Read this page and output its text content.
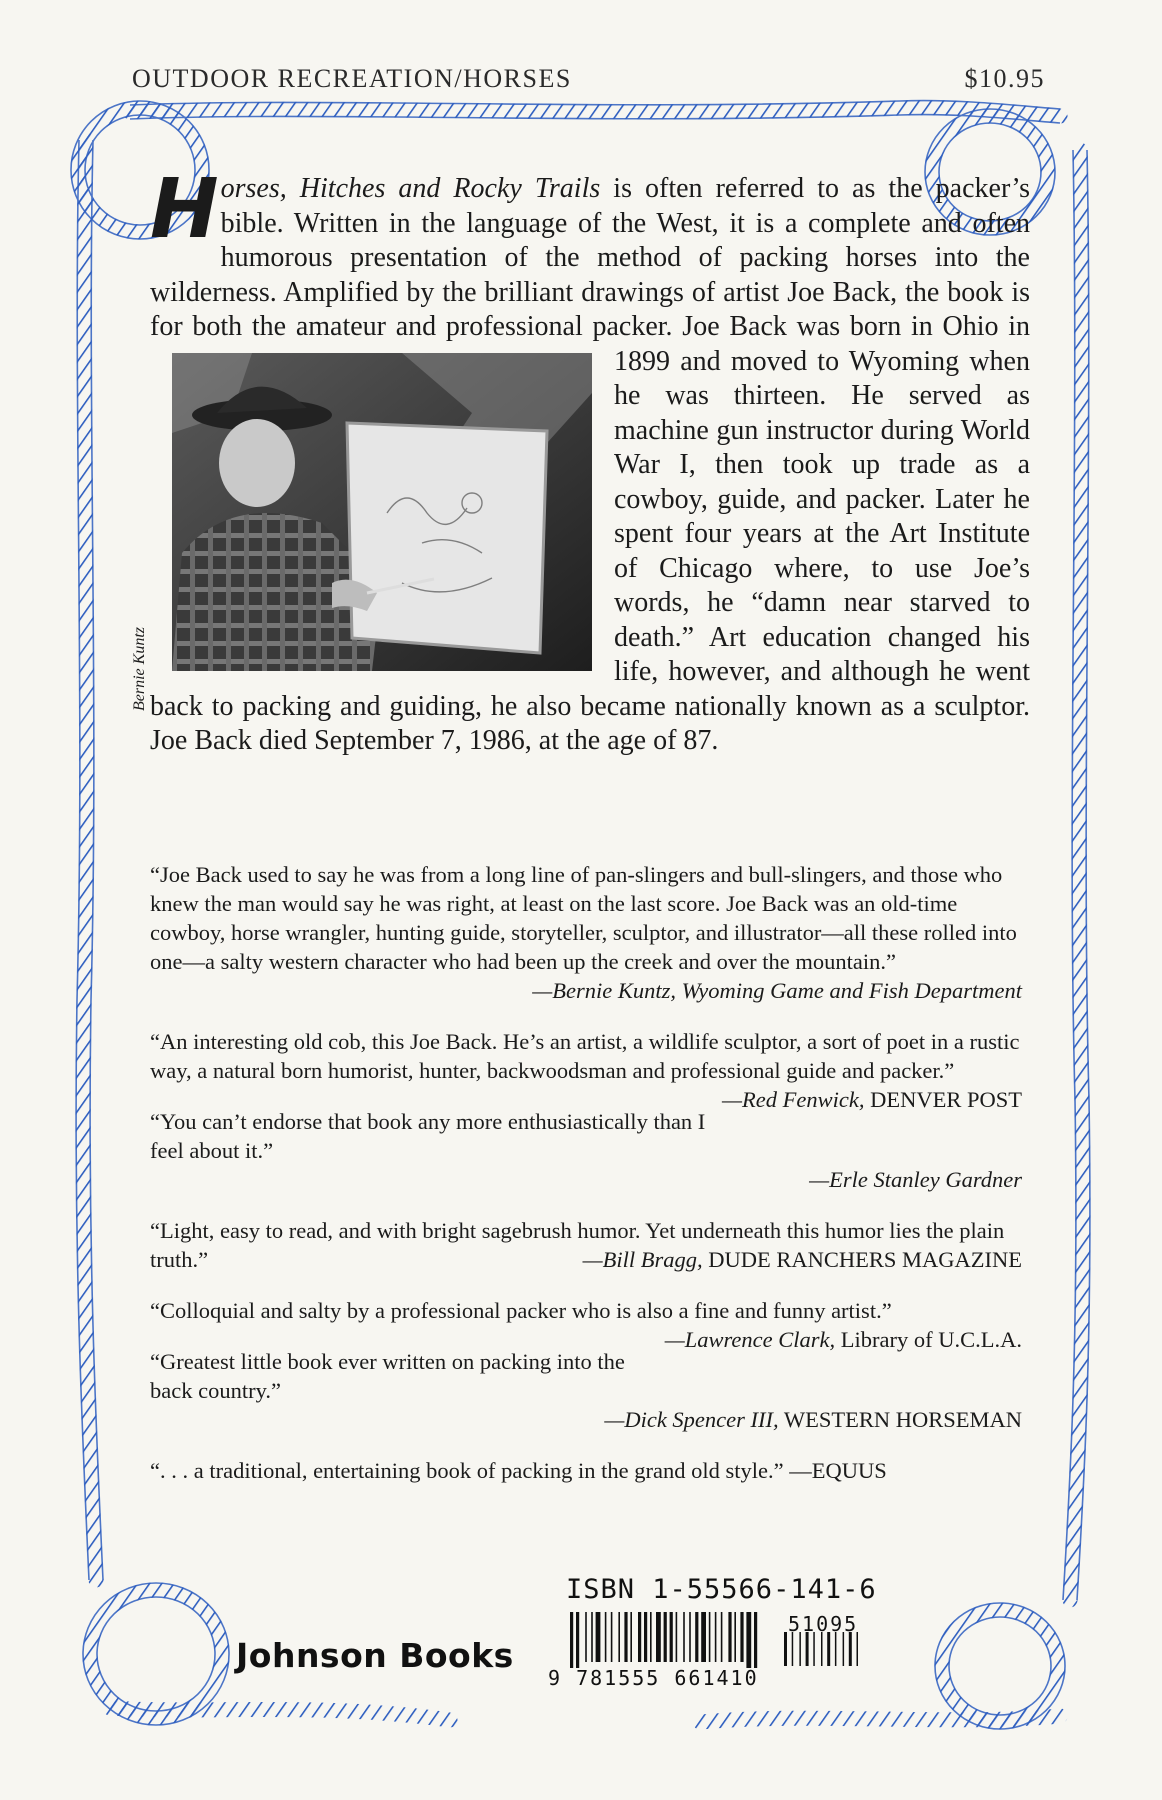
OUTDOOR RECREATION/HORSES	$10.95

Horses, Hitches and Rocky Trails is often referred to as the packer’s bible. Written in the language of the West, it is a complete and often humorous presentation of the method of packing horses into the wilderness. Amplified by the brilliant drawings of artist Joe Back, the book is for both the amateur and professional packer.
Joe Back was born in Ohio in 1899 and moved to Wyoming when he was thirteen. He served as machine gun instructor during World War I, then took up trade as a cowboy, guide, and packer. Later he spent four years at the Art Institute of Chicago where, to use Joe’s words, he “damn near starved to death.” Art education changed his life, however, and although he went back to packing and guiding, he also became nationally known as a sculptor. Joe Back died September 7, 1986, at the age of 87.

Bernie Kuntz
“Joe Back used to say he was from a long line of pan-slingers and bull-slingers, and those who knew the man would say he was right, at least on the last score. Joe Back was an old-time cowboy, horse wrangler, hunting guide, storyteller, sculptor, and illustrator—all these rolled into one—a salty western character who had been up the creek and over the mountain.”
—Bernie Kuntz, Wyoming Game and Fish Department
“An interesting old cob, this Joe Back. He’s an artist, a wildlife sculptor, a sort of poet in a rustic way, a natural born humorist, hunter, backwoodsman and professional guide and packer.”
—Red Fenwick, DENVER POST
“You can’t endorse that book any more enthusiastically than I feel about it.”
—Erle Stanley Gardner
“Light, easy to read, and with bright sagebrush humor. Yet underneath this humor lies the plain truth.”	—Bill Bragg, DUDE RANCHERS MAGAZINE
“Colloquial and salty by a professional packer who is also a fine and funny artist.”
—Lawrence Clark, Library of U.C.L.A.
“Greatest little book ever written on packing into the back country.”
—Dick Spencer III, WESTERN HORSEMAN
“. . . a traditional, entertaining book of packing in the grand old style.” —EQUUS
ISBN 1-55566-141-6
Johnson Books
9 781555 661410
51095
